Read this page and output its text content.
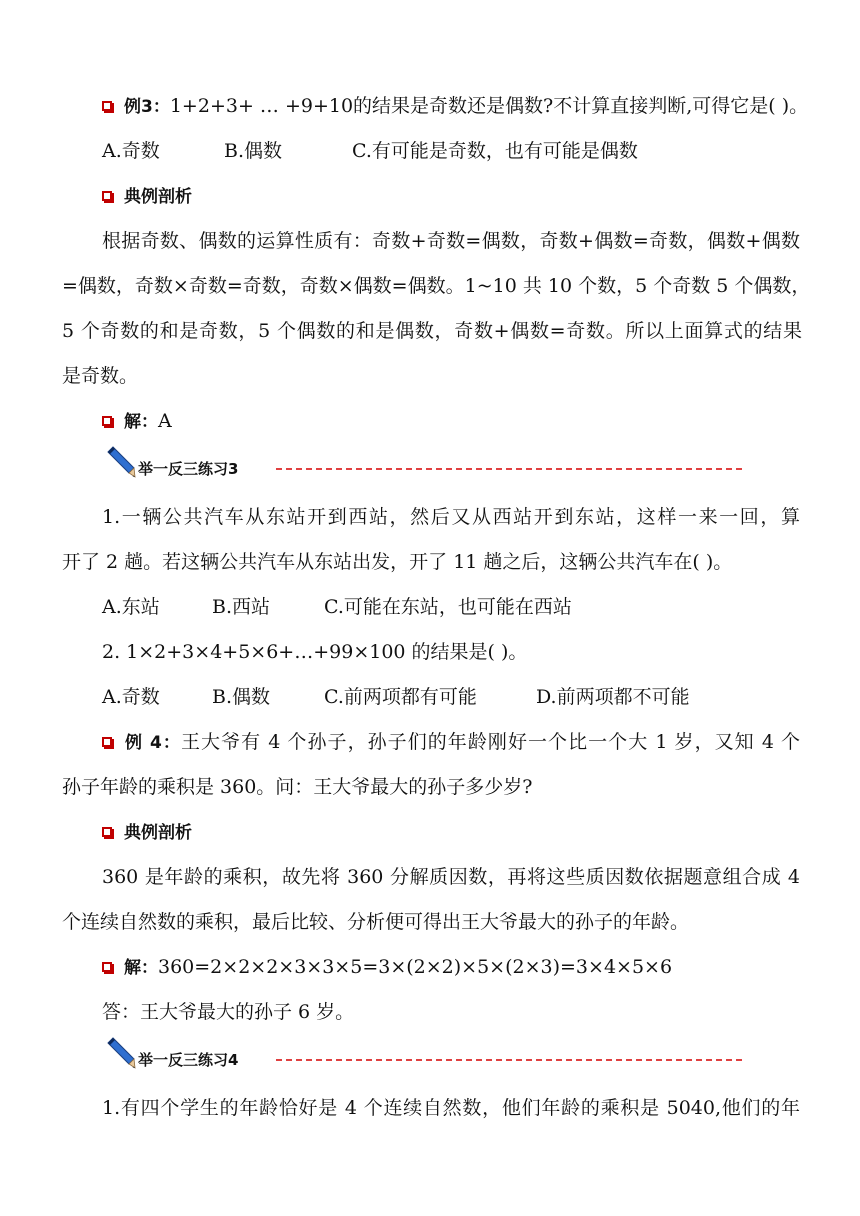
例3：1+2+3+ … +9+10的结果是奇数还是偶数?不计算直接判断,可得它是( )。
A.奇数	B.偶数	C.有可能是奇数，也有可能是偶数
典例剖析
根据奇数、偶数的运算性质有：奇数+奇数=偶数，奇数+偶数=奇数，偶数+偶数
=偶数，奇数×奇数=奇数，奇数×偶数=偶数。1~10 共 10 个数，5 个奇数 5 个偶数，
5 个奇数的和是奇数，5 个偶数的和是偶数，奇数+偶数=奇数。所以上面算式的结果
是奇数。
解：A
举一反三练习3
1.一辆公共汽车从东站开到西站，然后又从西站开到东站，这样一来一回，算
开了 2 趟。若这辆公共汽车从东站出发，开了 11 趟之后，这辆公共汽车在( )。
A.东站	B.西站	C.可能在东站，也可能在西站
2. 1×2+3×4+5×6+…+99×100 的结果是( )。
A.奇数	B.偶数	C.前两项都有可能	D.前两项都不可能
例 4：王大爷有 4 个孙子，孙子们的年龄刚好一个比一个大 1 岁，又知 4 个
孙子年龄的乘积是 360。问：王大爷最大的孙子多少岁?
典例剖析
360 是年龄的乘积，故先将 360 分解质因数，再将这些质因数依据题意组合成 4
个连续自然数的乘积，最后比较、分析便可得出王大爷最大的孙子的年龄。
解：360=2×2×2×3×3×5=3×(2×2)×5×(2×3)=3×4×5×6
答：王大爷最大的孙子 6 岁。
举一反三练习4
1.有四个学生的年龄恰好是 4 个连续自然数，他们年龄的乘积是 5040,他们的年
